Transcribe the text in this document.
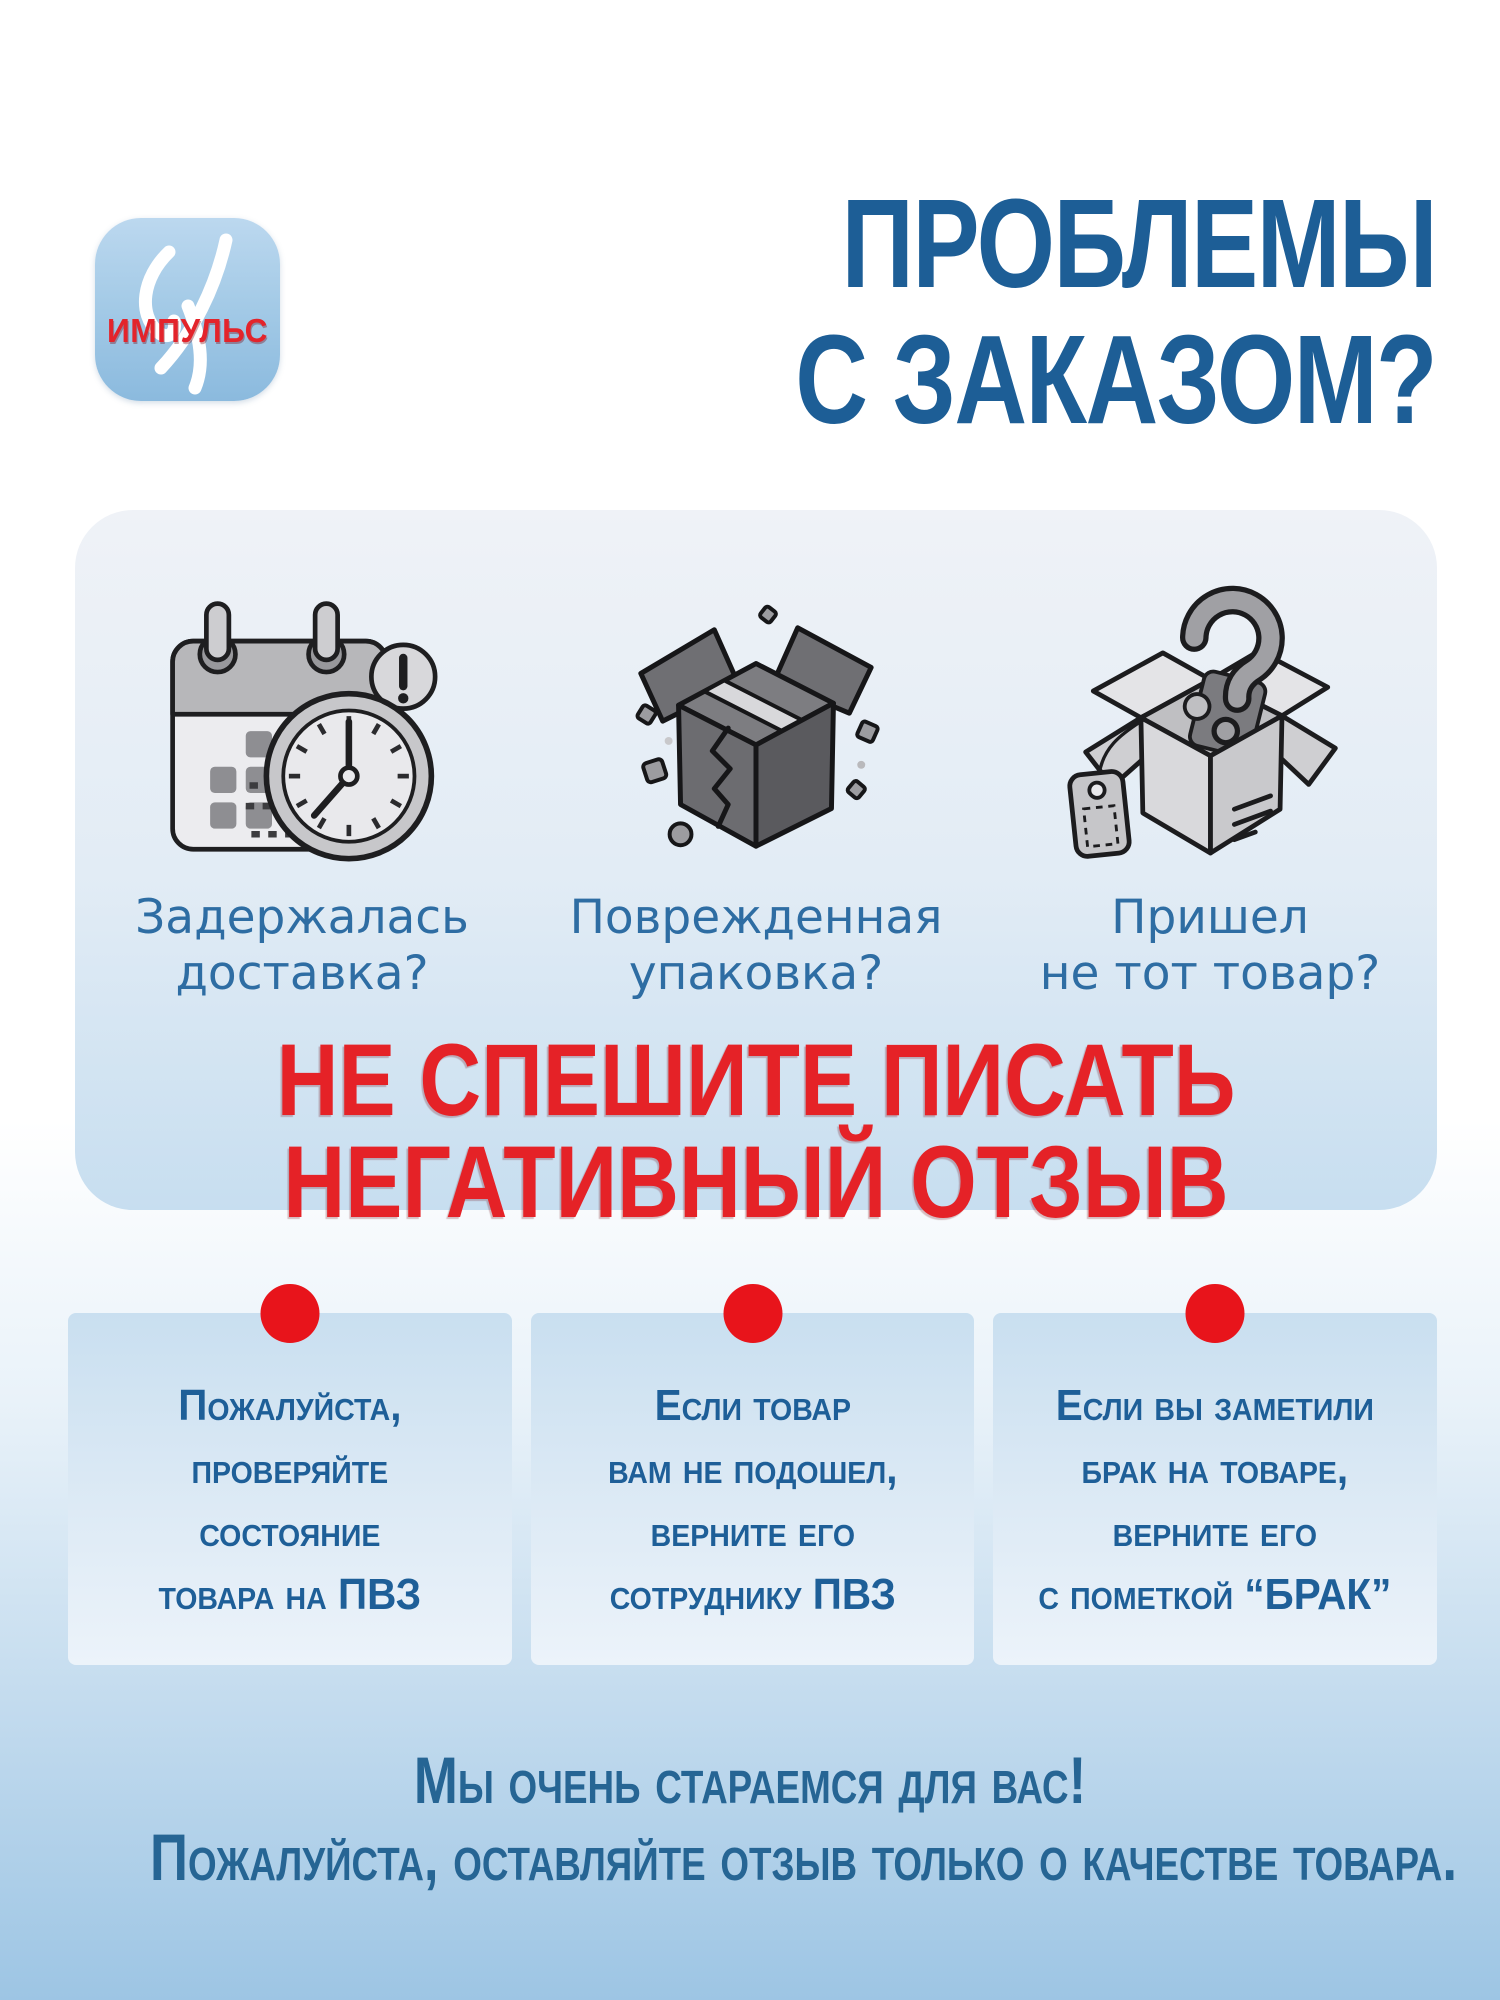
ИМПУЛЬС
ПРОБЛЕМЫ
С ЗАКАЗОМ?
Задержалась
доставка?
Поврежденная
упаковка?
Пришел
не тот товар?
НЕ СПЕШИТЕ ПИСАТЬ
НЕГАТИВНЫЙ ОТЗЫВ
Пожалуйста,
проверяйте
состояние
товара на ПВЗ
Если товар
вам не подошел,
верните его
сотруднику ПВЗ
Если вы заметили
брак на товаре,
верните его
с пометкой “БРАК”
Мы очень стараемся для вас!
Пожалуйста, оставляйте отзыв только о качестве товара.
